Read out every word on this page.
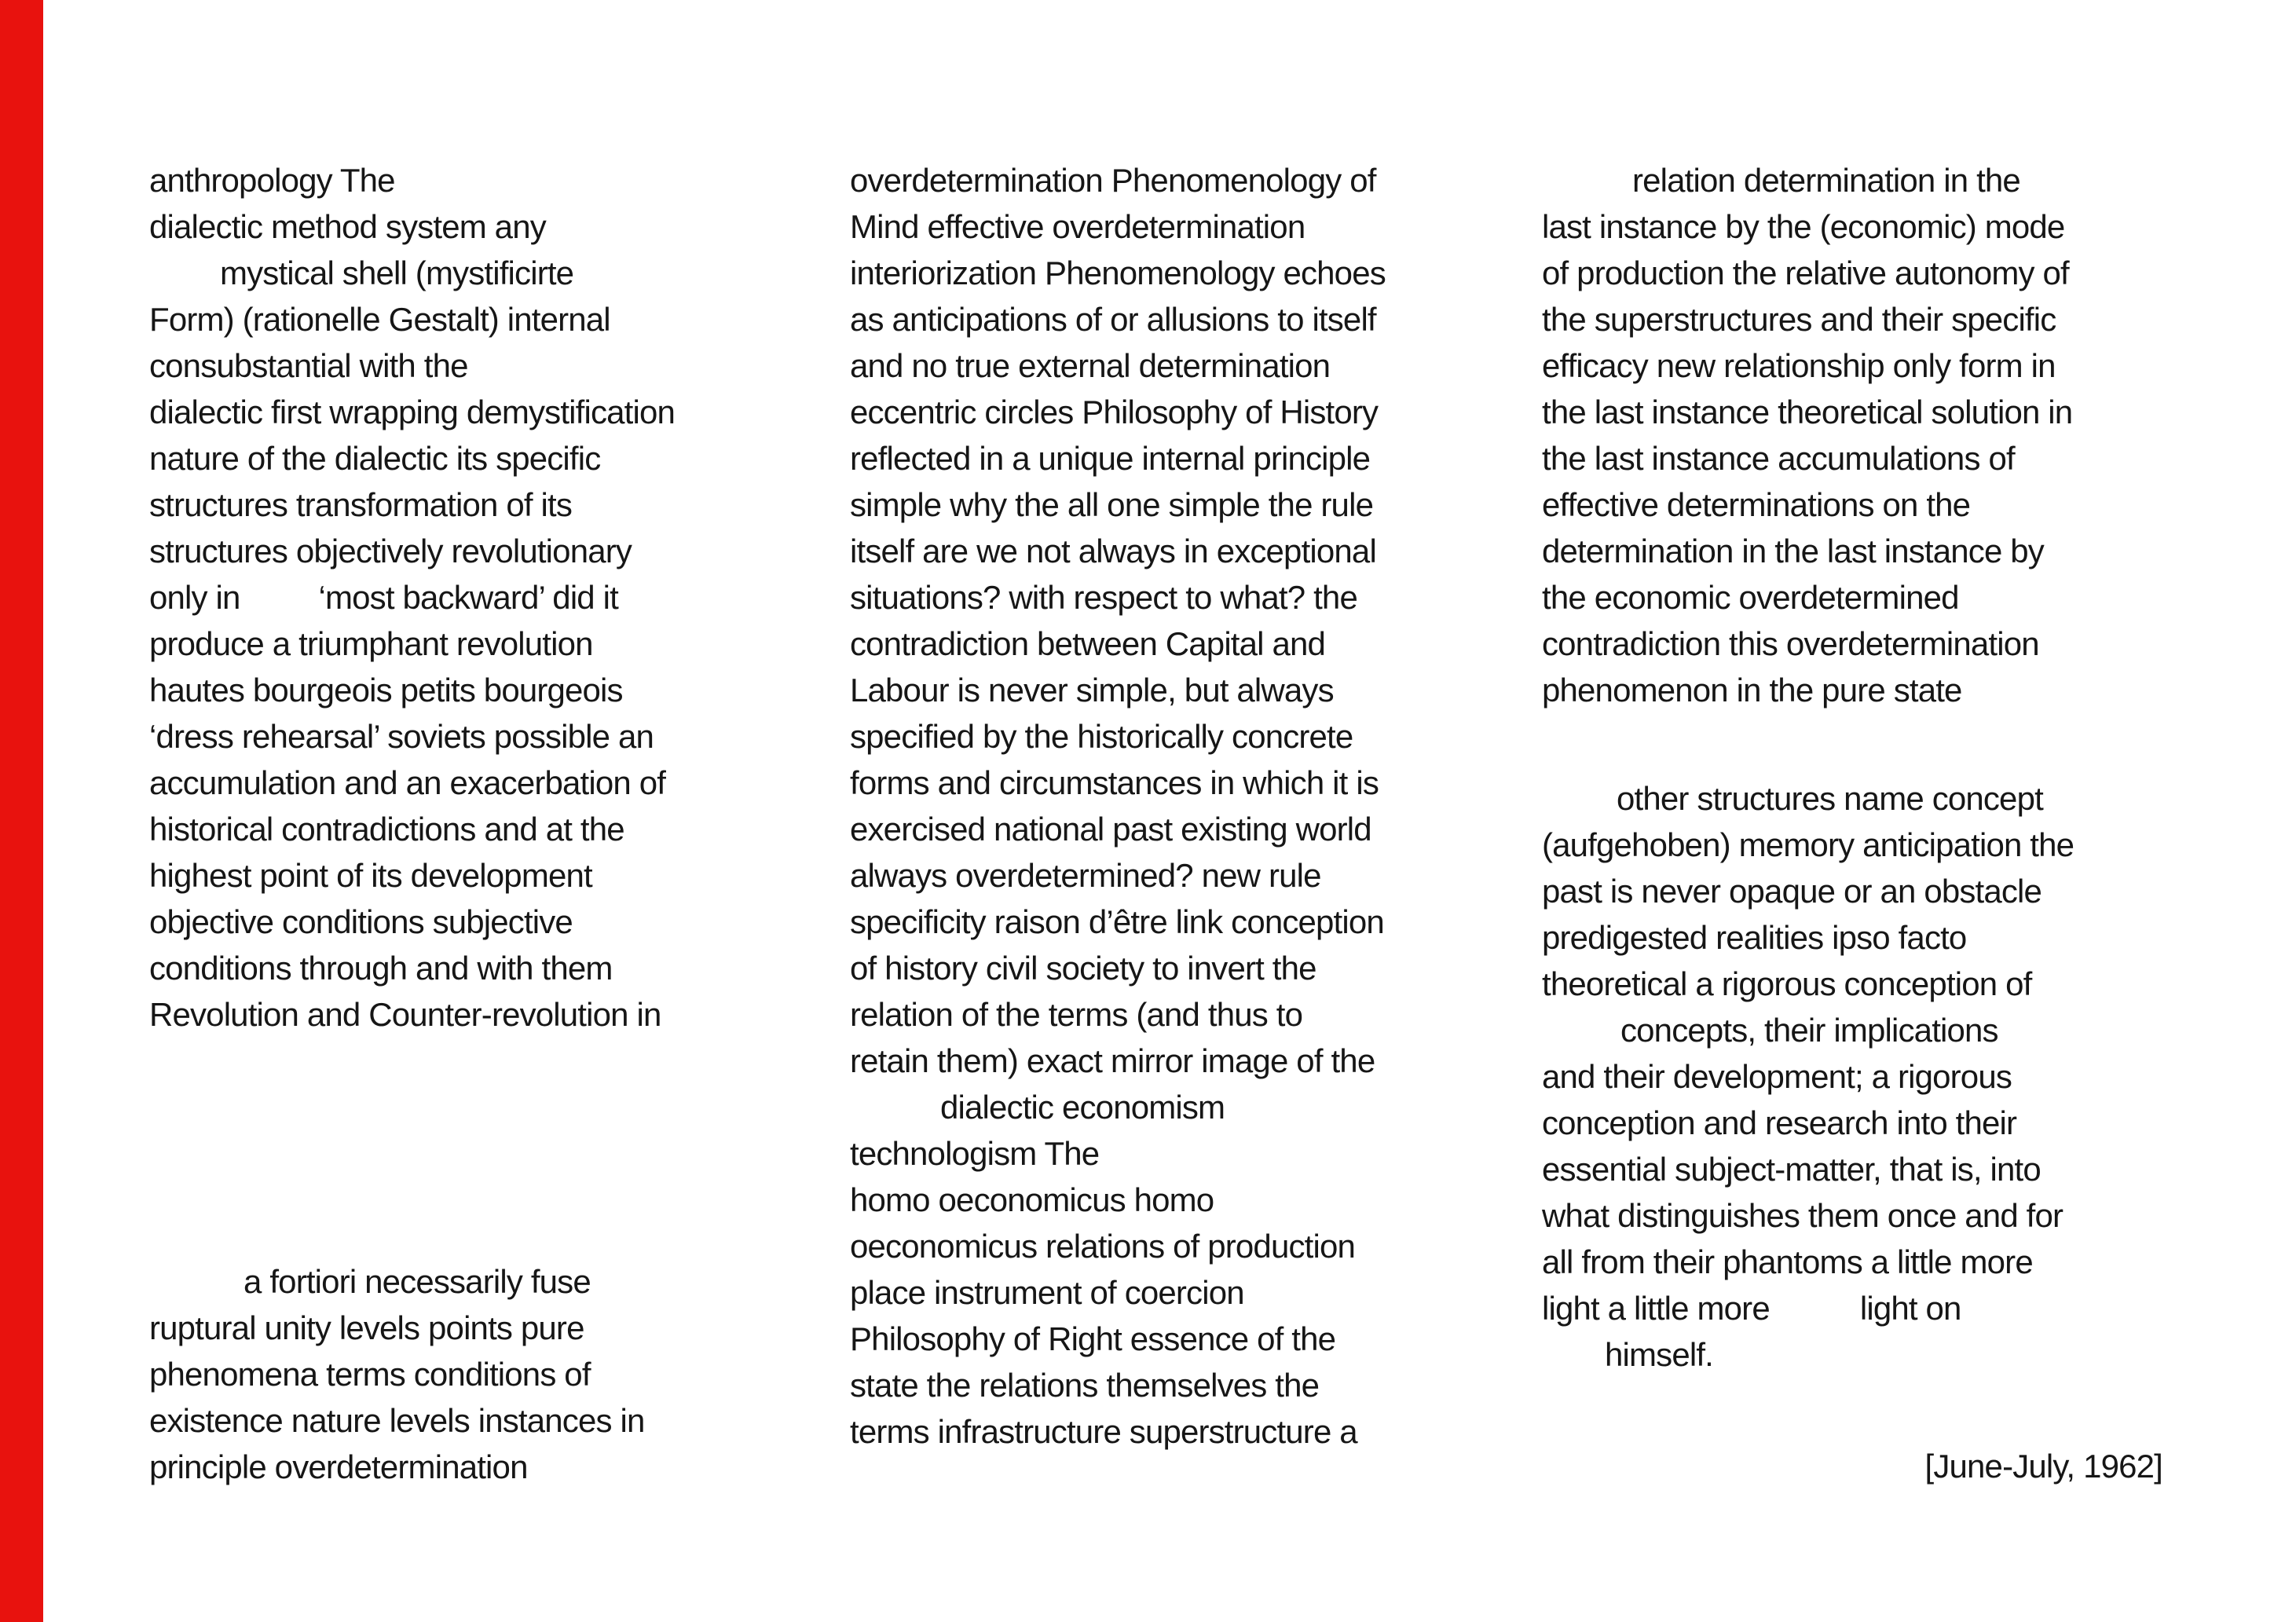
anthropology The
dialectic method system any
mystical shell (mystificirte
Form) (rationelle Gestalt) internal
consubstantial with the
dialectic first wrapping demystification
nature of the dialectic its specific
structures transformation of its
structures objectively revolutionary
only in ‘most backward’ did it
produce a triumphant revolution
hautes bourgeois petits bourgeois
‘dress rehearsal’ soviets possible an
accumulation and an exacerbation of
historical contradictions and at the
highest point of its development
objective conditions subjective
conditions through and with them
Revolution and Counter-revolution in
a fortiori necessarily fuse
ruptural unity levels points pure
phenomena terms conditions of
existence nature levels instances in
principle overdetermination
overdetermination Phenomenology of
Mind effective overdetermination
interiorization Phenomenology echoes
as anticipations of or allusions to itself
and no true external determination
eccentric circles Philosophy of History
reflected in a unique internal principle
simple why the all one simple the rule
itself are we not always in exceptional
situations? with respect to what? the
contradiction between Capital and
Labour is never simple, but always
specified by the historically concrete
forms and circumstances in which it is
exercised national past existing world
always overdetermined? new rule
specificity raison d’être link conception
of history civil society to invert the
relation of the terms (and thus to
retain them) exact mirror image of the
dialectic economism
technologism The
homo oeconomicus homo
oeconomicus relations of production
place instrument of coercion
Philosophy of Right essence of the
state the relations themselves the
terms infrastructure superstructure a
relation determination in the
last instance by the (economic) mode
of production the relative autonomy of
the superstructures and their specific
efficacy new relationship only form in
the last instance theoretical solution in
the last instance accumulations of
effective determinations on the
determination in the last instance by
the economic overdetermined
contradiction this overdetermination
phenomenon in the pure state
other structures name concept
(aufgehoben) memory anticipation the
past is never opaque or an obstacle
predigested realities ipso facto
theoretical a rigorous conception of
concepts, their implications
and their development; a rigorous
conception and research into their
essential subject-matter, that is, into
what distinguishes them once and for
all from their phantoms a little more
light a little more	light on
himself.
[June-July, 1962]
